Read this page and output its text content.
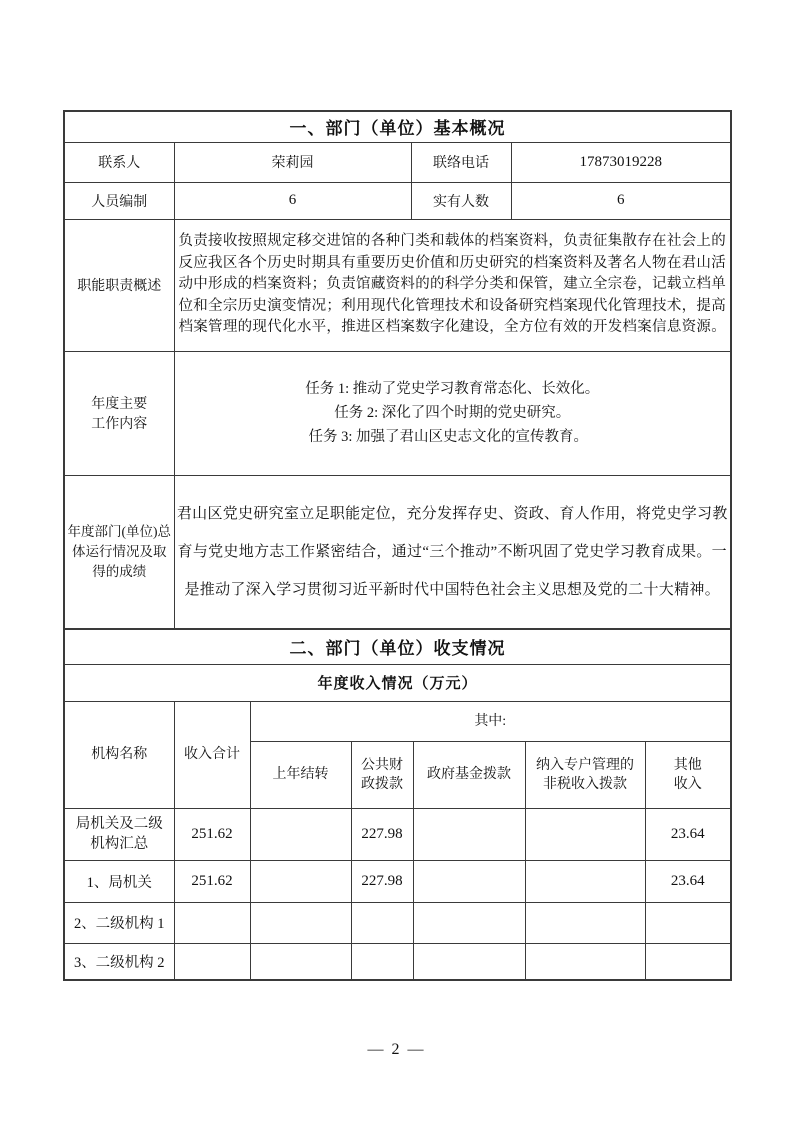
一、部门（单位）基本概况			
联系人	荣莉园	联络电话	17873019228
人员编制	6	实有人数	6
职能职责概述	负责接收按照规定移交进馆的各种门类和载体的档案资料，负责征集散存在社会上的反应我区各个历史时期具有重要历史价值和历史研究的档案资料及著名人物在君山活动中形成的档案资料；负责馆藏资料的的科学分类和保管，建立全宗卷，记载立档单位和全宗历史演变情况；利用现代化管理技术和设备研究档案现代化管理技术，提高档案管理的现代化水平，推进区档案数字化建设，全方位有效的开发档案信息资源。		

年度主要工作内容	任务 1: 推动了党史学习教育常态化、长效化。
任务 2: 深化了四个时期的党史研究。
任务 3: 加强了君山区史志文化的宣传教育。		

年度部门(单位)总体运行情况及取得的成绩	君山区党史研究室立足职能定位，充分发挥存史、资政、育人作用，将党史学习教育与党史地方志工作紧密结合，通过“三个推动”不断巩固了党史学习教育成果。一是推动了深入学习贯彻习近平新时代中国特色社会主义思想及党的二十大精神。		
二、部门（单位）收支情况						
年度收入情况（万元）						
机构名称	收入合计	其中:				
		上年结转	公共财政拨款	政府基金拨款	纳入专户管理的非税收入拨款	其他收入

局机关及二级机构汇总	251.62		227.98			23.64
1、局机关	251.62		227.98			23.64
2、二级机构 1						
3、二级机构 2						
— 2 —
